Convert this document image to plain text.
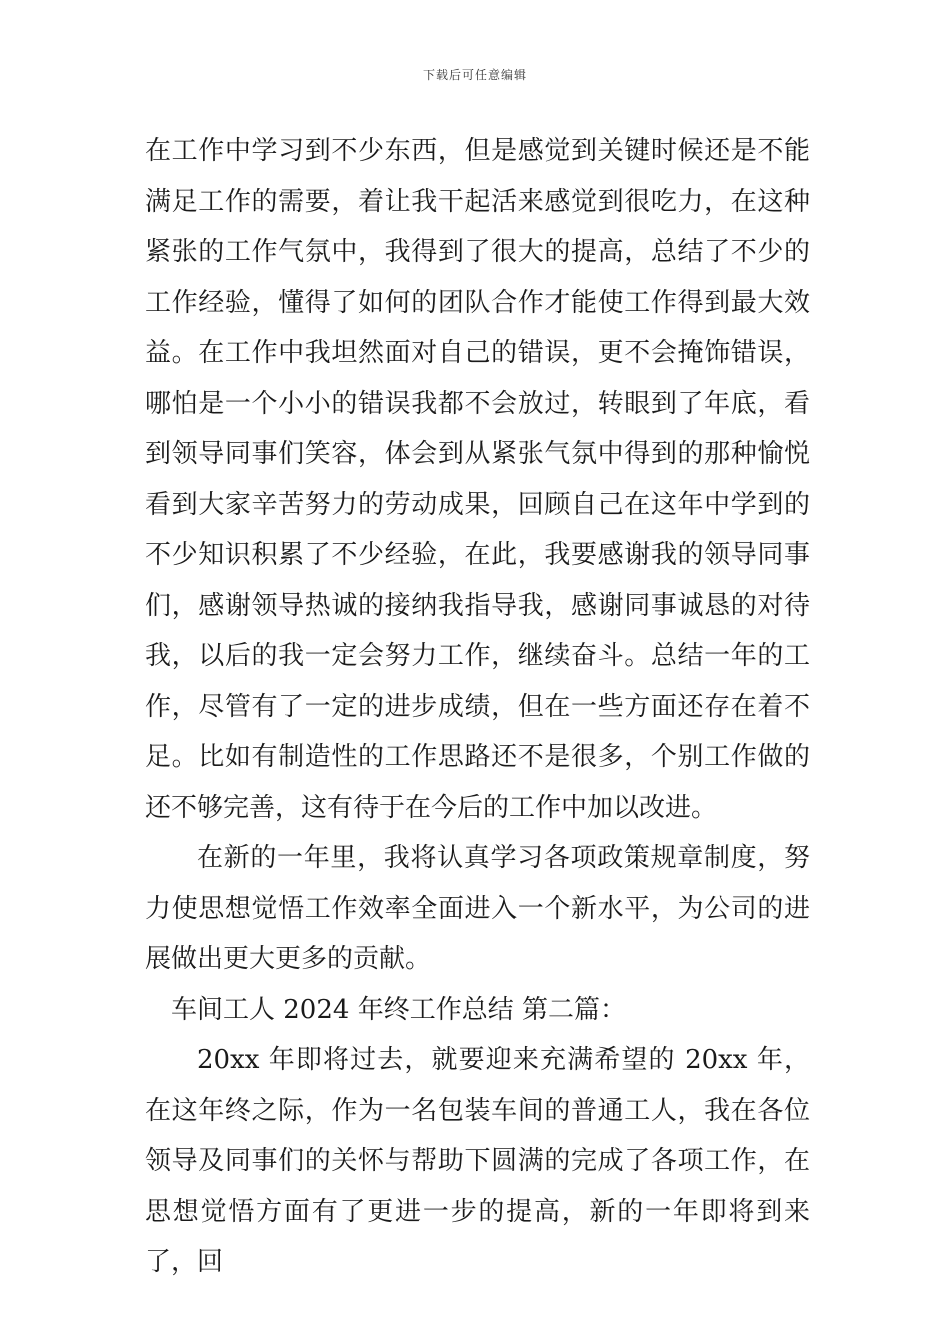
下载后可任意编辑

在工作中学习到不少东西，但是感觉到关键时候还是不能满足工作的需要，着让我干起活来感觉到很吃力，在这种紧张的工作气氛中，我得到了很大的提高，总结了不少的工作经验，懂得了如何的团队合作才能使工作得到最大效益。在工作中我坦然面对自己的错误，更不会掩饰错误，哪怕是一个小小的错误我都不会放过，转眼到了年底，看到领导同事们笑容，体会到从紧张气氛中得到的那种愉悦看到大家辛苦努力的劳动成果，回顾自己在这年中学到的不少知识积累了不少经验，在此，我要感谢我的领导同事们，感谢领导热诚的接纳我指导我，感谢同事诚恳的对待我，以后的我一定会努力工作，继续奋斗。总结一年的工作，尽管有了一定的进步成绩，但在一些方面还存在着不足。比如有制造性的工作思路还不是很多，个别工作做的还不够完善，这有待于在今后的工作中加以改进。

在新的一年里，我将认真学习各项政策规章制度，努力使思想觉悟工作效率全面进入一个新水平，为公司的进展做出更大更多的贡献。

车间工人 2024 年终工作总结 第二篇：

20xx 年即将过去，就要迎来充满希望的 20xx 年，在这年终之际，作为一名包装车间的普通工人，我在各位领导及同事们的关怀与帮助下圆满的完成了各项工作，在思想觉悟方面有了更进一步的提高，新的一年即将到来了，回
